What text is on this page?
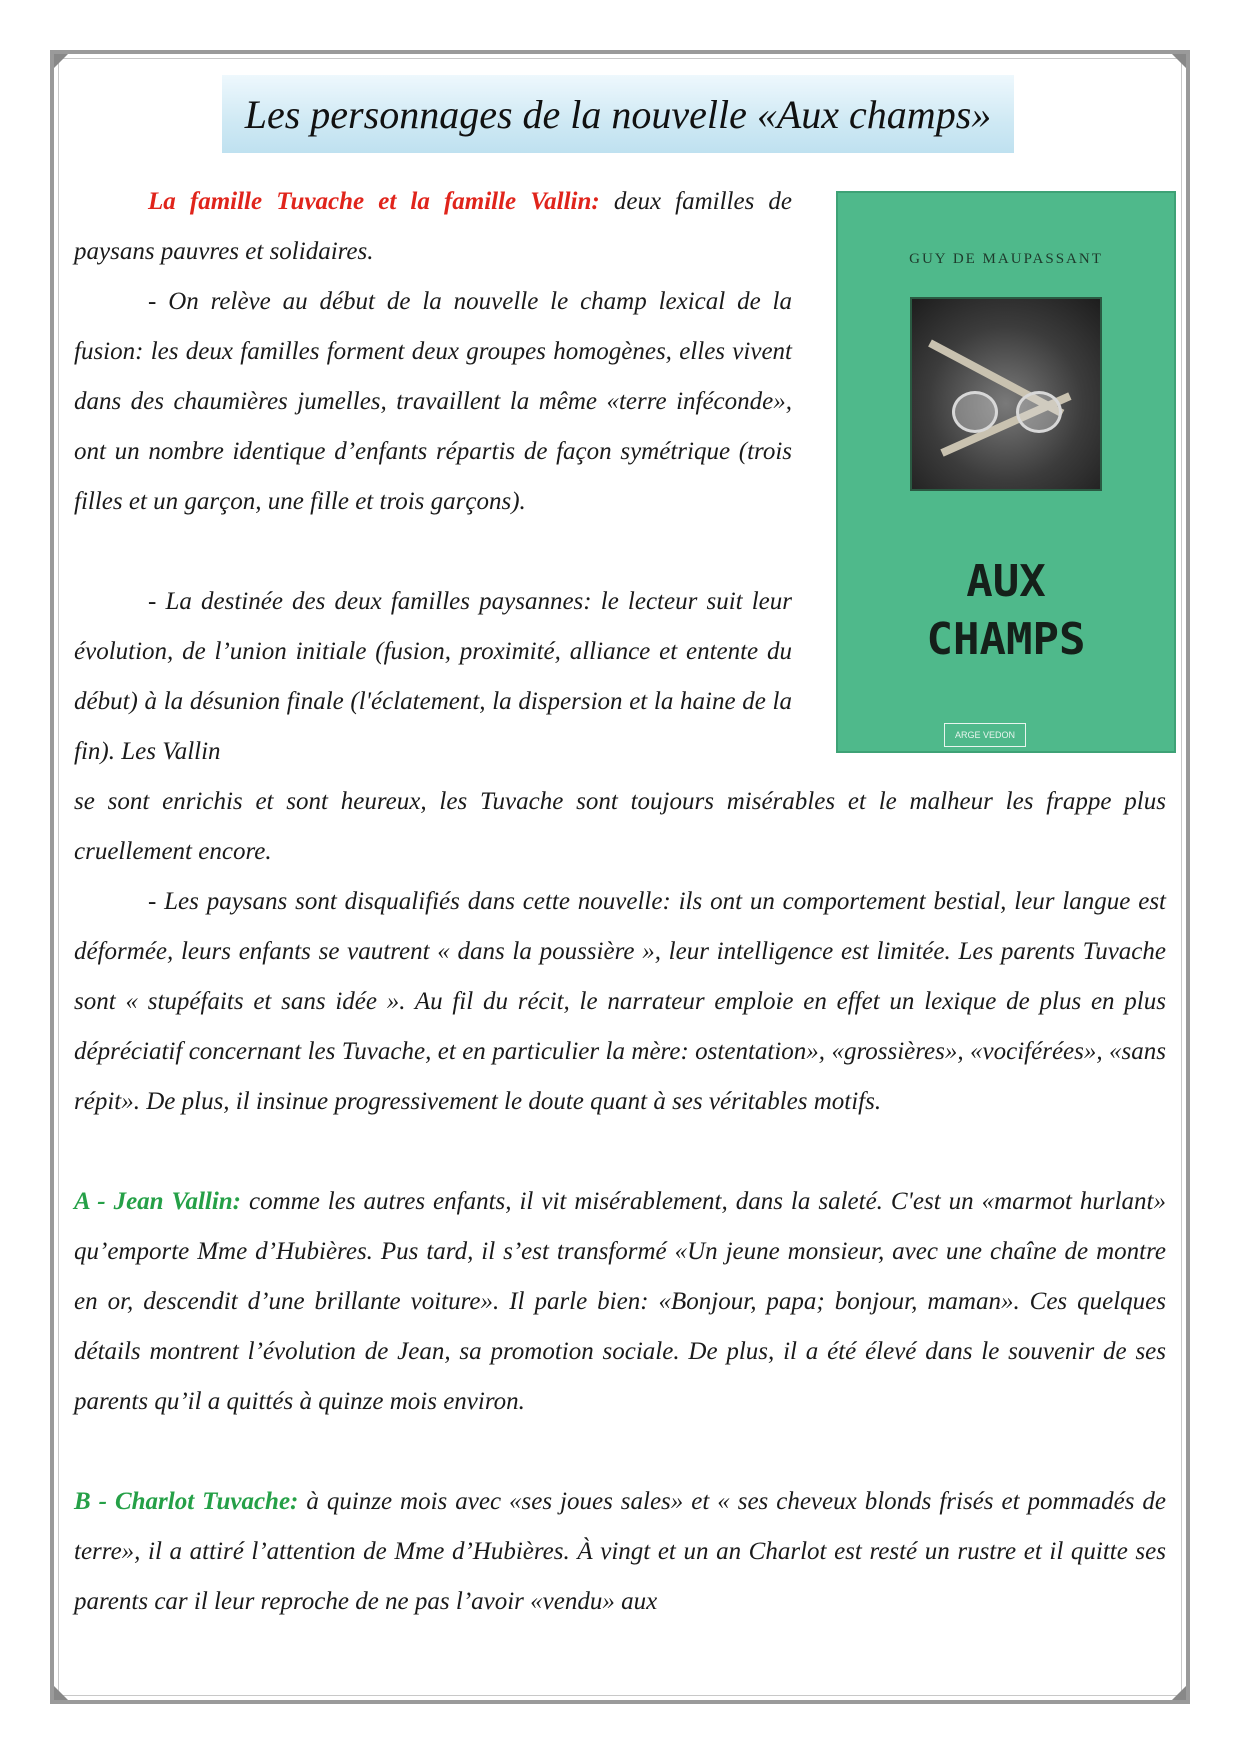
Les personnages de la nouvelle «Aux champs»
GUY DE MAUPASSANT
AUX
CHAMPS
ARGE VEDON

La famille Tuvache et la famille Vallin: deux familles de paysans pauvres et solidaires.

- On relève au début de la nouvelle le champ lexical de la fusion: les deux familles forment deux groupes homogènes, elles vivent dans des chaumières jumelles, travaillent la même «terre inféconde», ont un nombre identique d’enfants répartis de façon symétrique (trois filles et un garçon, une fille et trois garçons).

- La destinée des deux familles paysannes: le lecteur suit leur évolution, de l’union initiale (fusion, proximité, alliance et entente du début) à la désunion finale (l'éclatement, la dispersion et la haine de la fin). Les Vallin

se sont enrichis et sont heureux, les Tuvache sont toujours misérables et le malheur les frappe plus cruellement encore.

- Les paysans sont disqualifiés dans cette nouvelle: ils ont un comportement bestial, leur langue est déformée, leurs enfants se vautrent « dans la poussière », leur intelligence est limitée. Les parents Tuvache sont « stupéfaits et sans idée ». Au fil du récit, le narrateur emploie en effet un lexique de plus en plus dépréciatif concernant les Tuvache, et en particulier la mère: ostentation», «grossières», «vociférées», «sans répit». De plus, il insinue progressivement le doute quant à ses véritables motifs.

A - Jean Vallin: comme les autres enfants, il vit misérablement, dans la saleté. C'est un «marmot hurlant» qu’emporte Mme d’Hubières. Pus tard, il s’est transformé «Un jeune monsieur, avec une chaîne de montre en or, descendit d’une brillante voiture». Il parle bien: «Bonjour, papa; bonjour, maman». Ces quelques détails montrent l’évolution de Jean, sa promotion sociale. De plus, il a été élevé dans le souvenir de ses parents qu’il a quittés à quinze mois environ.

B - Charlot Tuvache: à quinze mois avec «ses joues sales» et « ses cheveux blonds frisés et pommadés de terre», il a attiré l’attention de Mme d’Hubières. À vingt et un an Charlot est resté un rustre et il quitte ses parents car il leur reproche de ne pas l’avoir «vendu» aux
